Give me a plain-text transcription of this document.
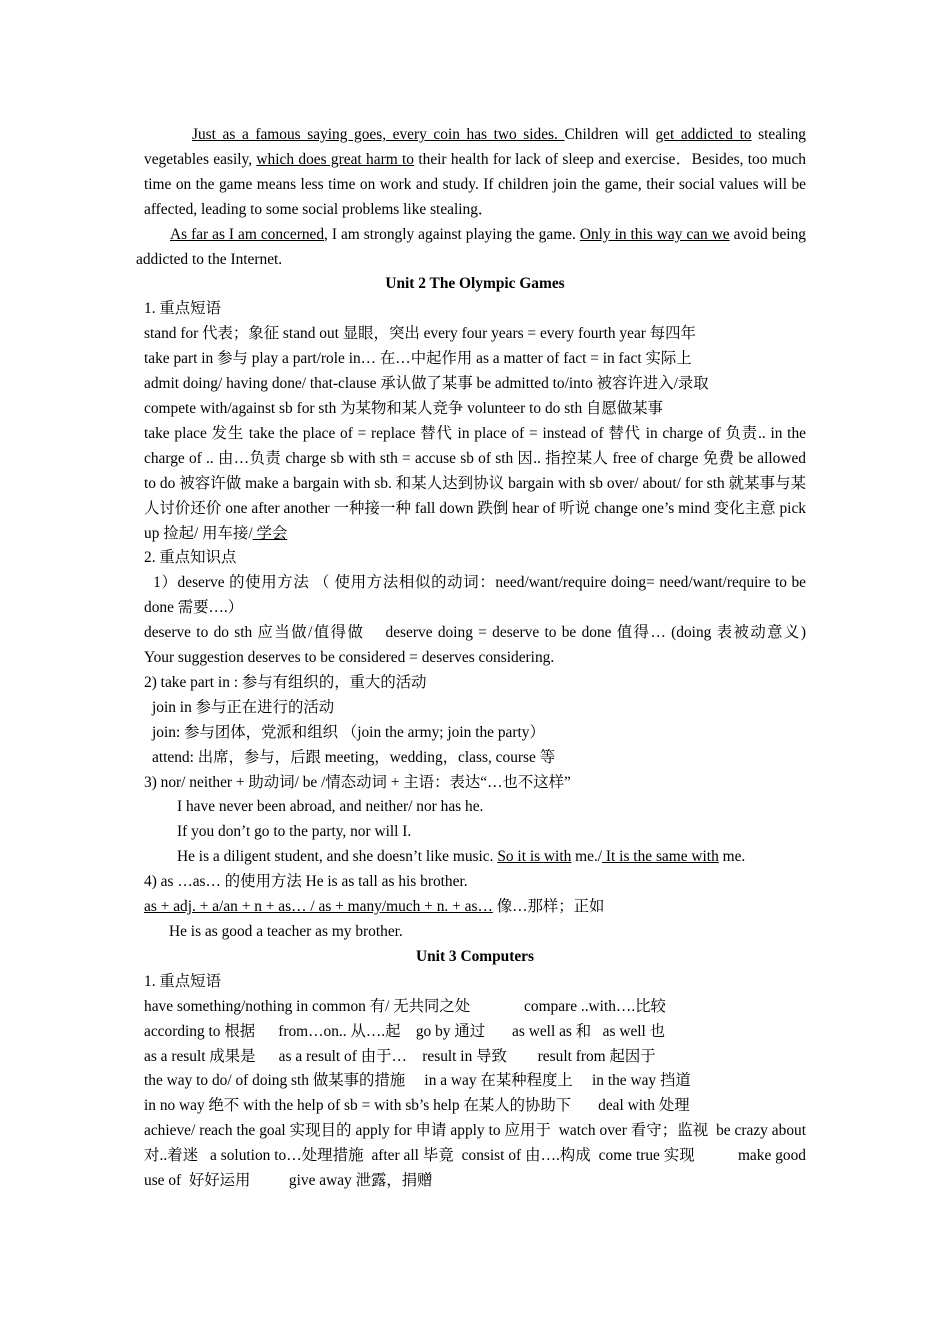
Just as a famous saying goes, every coin has two sides. Children will get addicted to stealing vegetables easily, which does great harm to their health for lack of sleep and exercise．Besides, too much time on the game means less time on work and study. If children join the game, their social values will be affected, leading to some social problems like stealing．

As far as I am concerned, I am strongly against playing the game. Only in this way can we avoid being addicted to the Internet.

Unit 2 The Olympic Games

1. 重点短语

stand for 代表；象征 stand out 显眼，突出 every four years = every fourth year 每四年

take part in 参与 play a part/role in… 在…中起作用 as a matter of fact = in fact 实际上

admit doing/ having done/ that-clause 承认做了某事 be admitted to/into 被容许进入/录取

compete with/against sb for sth 为某物和某人竞争 volunteer to do sth 自愿做某事

take place 发生 take the place of = replace 替代 in place of = instead of 替代 in charge of 负责.. in the charge of .. 由…负责 charge sb with sth = accuse sb of sth 因.. 指控某人 free of charge 免费 be allowed to do 被容许做 make a bargain with sb. 和某人达到协议 bargain with sb over/ about/ for sth 就某事与某人讨价还价 one after another 一种接一种 fall down 跌倒 hear of 听说 change one’s mind 变化主意 pick up 捡起/ 用车接/ 学会

2. 重点知识点

1）deserve 的使用方法 （ 使用方法相似的动词：need/want/require doing= need/want/require to be done 需要….）

deserve to do sth 应当做/值得做    deserve doing = deserve to be done 值得… (doing 表被动意义)            Your suggestion deserves to be considered = deserves considering.

2) take part in : 参与有组织的，重大的活动

join in 参与正在进行的活动

join: 参与团体，党派和组织 （join the army; join the party）

attend: 出席，参与，后跟 meeting，wedding，class, course 等

3) nor/ neither + 助动词/ be /情态动词 + 主语：表达“…也不这样”

I have never been abroad, and neither/ nor has he.

If you don’t go to the party, nor will I.

He is a diligent student, and she doesn’t like music. So it is with me./ It is the same with me.

4) as …as… 的使用方法 He is as tall as his brother.

as + adj. + a/an + n + as… / as + many/much + n. + as… 像…那样；正如

He is as good a teacher as my brother.

Unit 3 Computers

1. 重点短语

have something/nothing in common 有/ 无共同之处              compare ..with….比较

according to 根据      from…on.. 从….起    go by 通过       as well as 和   as well 也

as a result 成果是      as a result of 由于…    result in 导致        result from 起因于

the way to do/ of doing sth 做某事的措施     in a way 在某种程度上     in the way 挡道

in no way 绝不 with the help of sb = with sb’s help 在某人的协助下       deal with 处理

achieve/ reach the goal 实现目的 apply for 申请 apply to 应用于  watch over 看守；监视  be crazy about 对..着迷   a solution to…处理措施  after all 毕竟  consist of 由….构成  come true 实现           make good use of  好好运用          give away 泄露，捐赠
